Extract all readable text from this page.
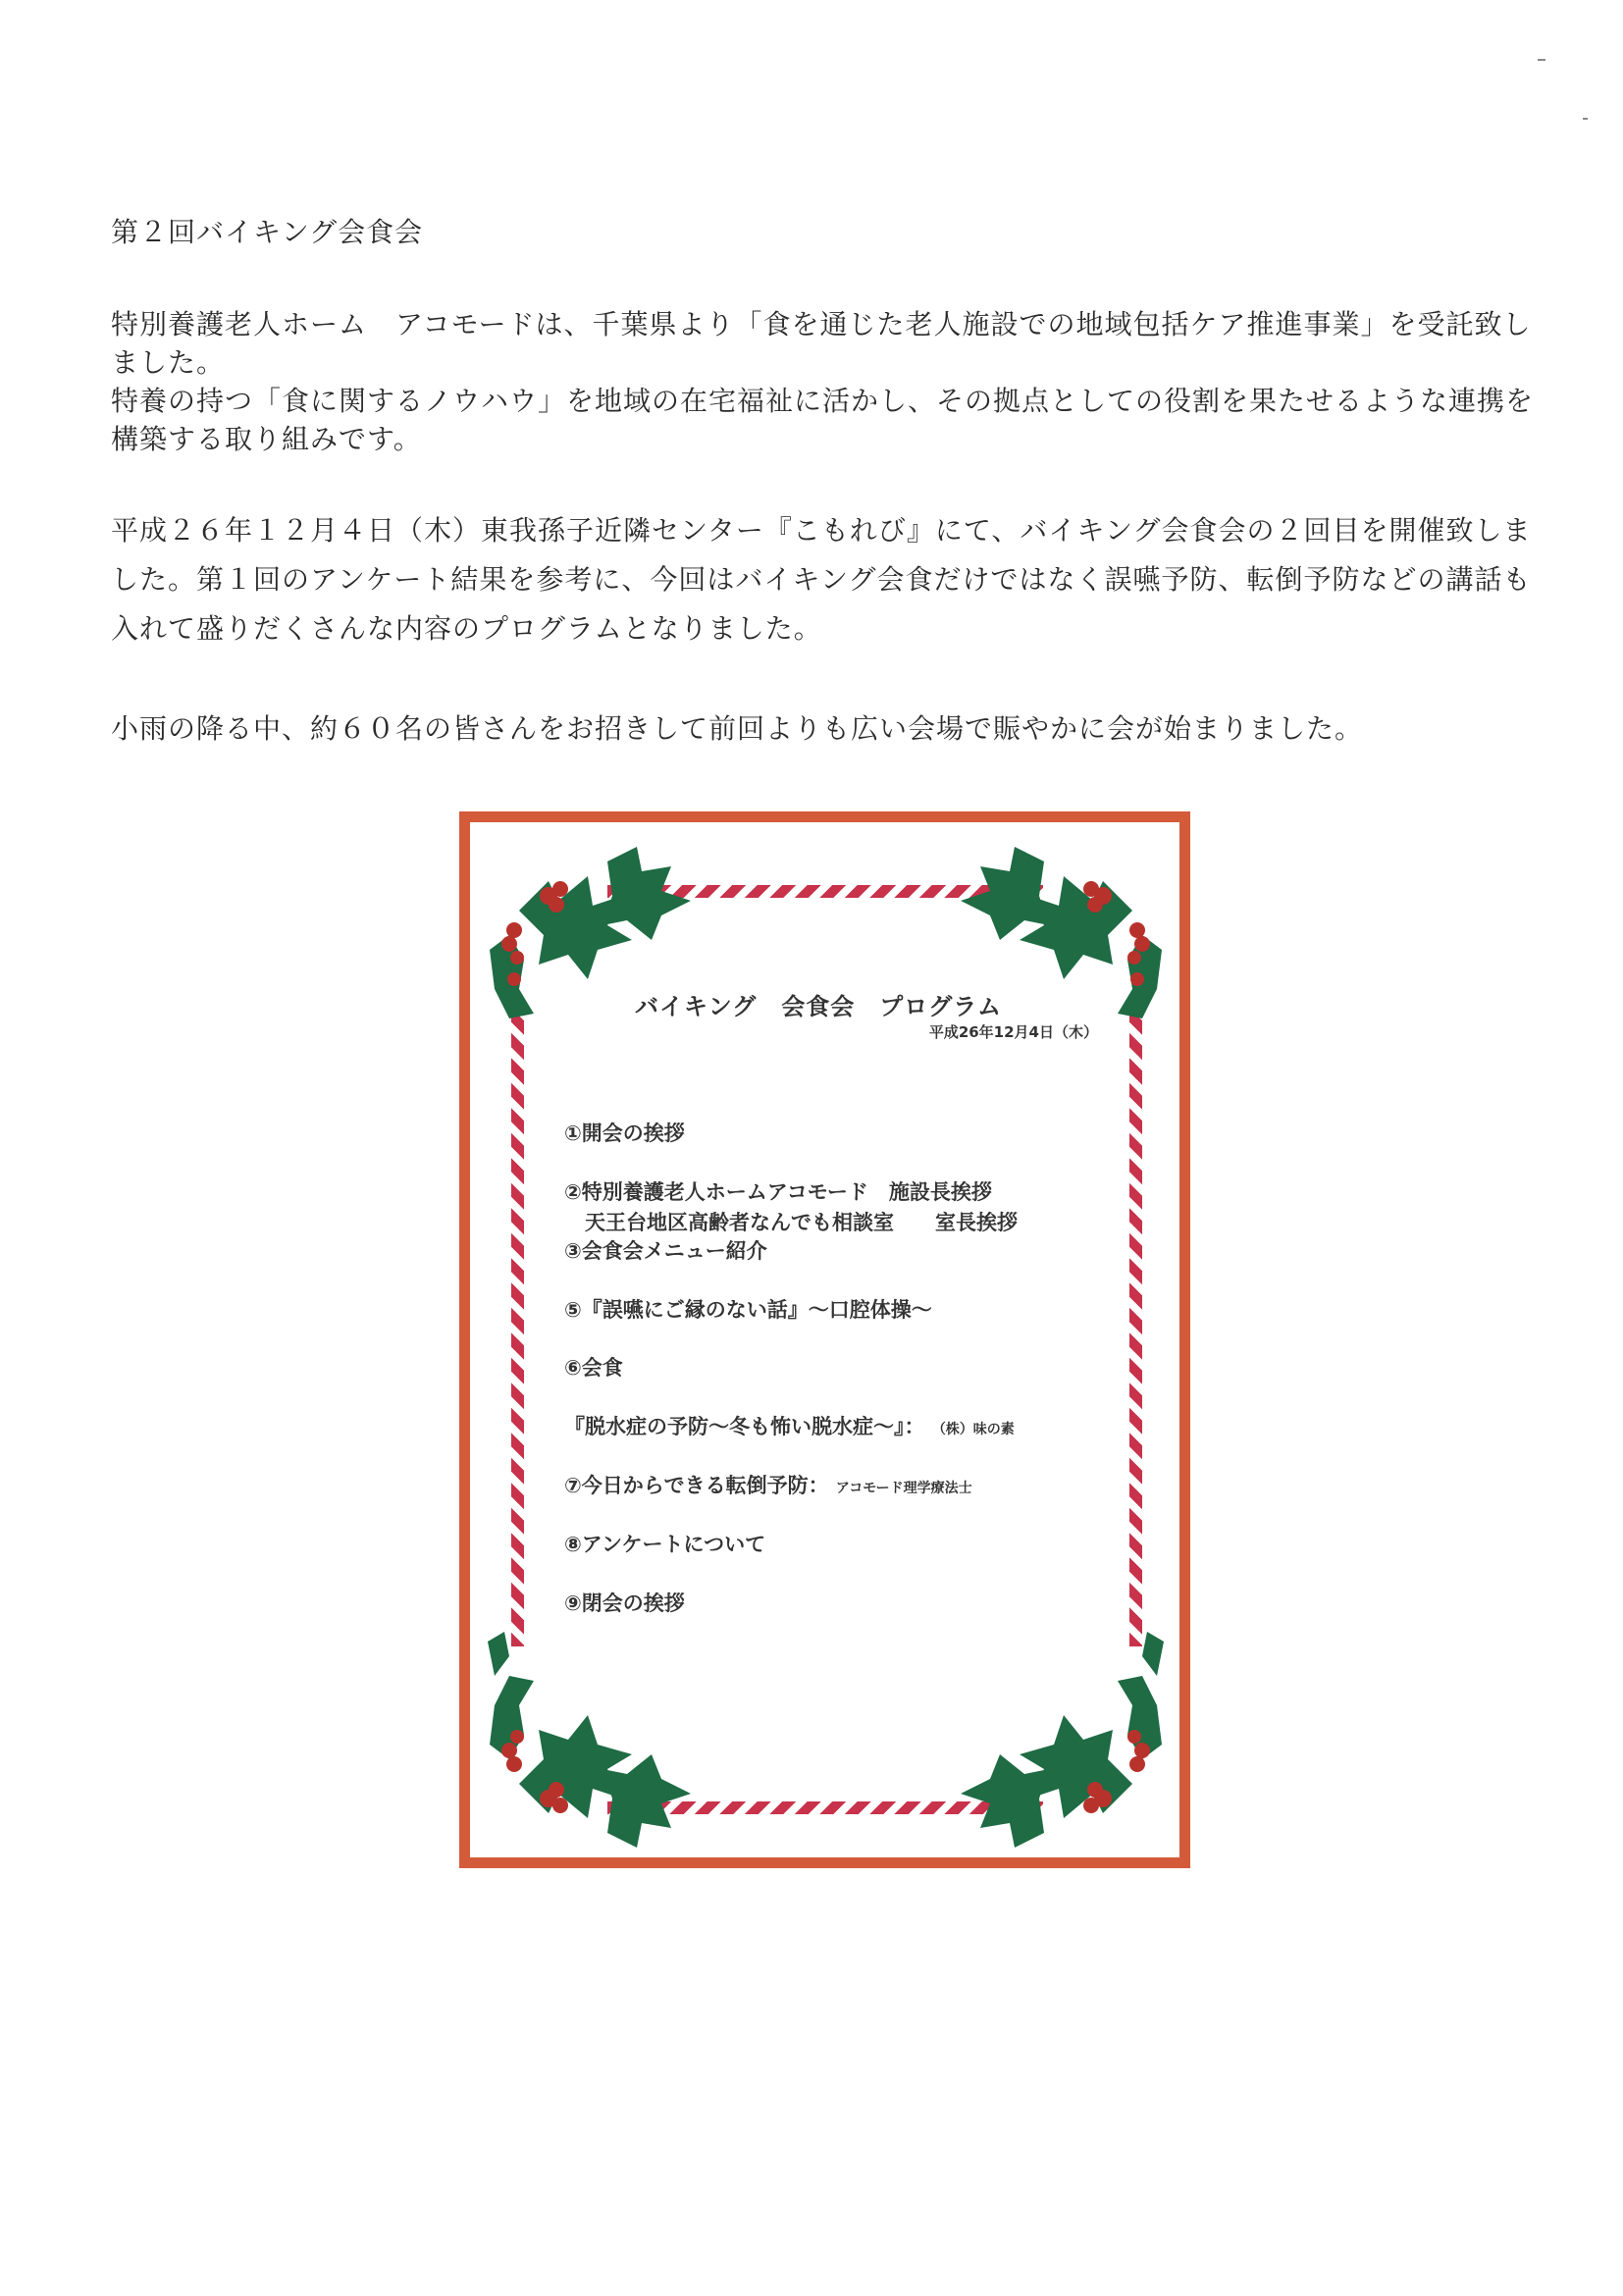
第２回バイキング会食会
特別養護老人ホーム　アコモードは、千葉県より「食を通じた老人施設での地域包括ケア推進事業」を受託致し
ました。
特養の持つ「食に関するノウハウ」を地域の在宅福祉に活かし、その拠点としての役割を果たせるような連携を
構築する取り組みです。
平成２６年１２月４日（木）東我孫子近隣センター『こもれび』にて、バイキング会食会の２回目を開催致しま
した。第１回のアンケート結果を参考に、今回はバイキング会食だけではなく誤嚥予防、転倒予防などの講話も
入れて盛りだくさんな内容のプログラムとなりました。
小雨の降る中、約６０名の皆さんをお招きして前回よりも広い会場で賑やかに会が始まりました。
バイキング　会食会　プログラム
平成26年12月4日（木）
①開会の挨拶
②特別養護老人ホームアコモード　施設長挨拶
　天王台地区高齢者なんでも相談室　　室長挨拶
③会食会メニュー紹介
⑤『誤嚥にご縁のない話』～口腔体操～
⑥会食
『脱水症の予防～冬も怖い脱水症～』： （株）味の素
⑦今日からできる転倒予防： アコモード理学療法士
⑧アンケートについて
⑨閉会の挨拶
